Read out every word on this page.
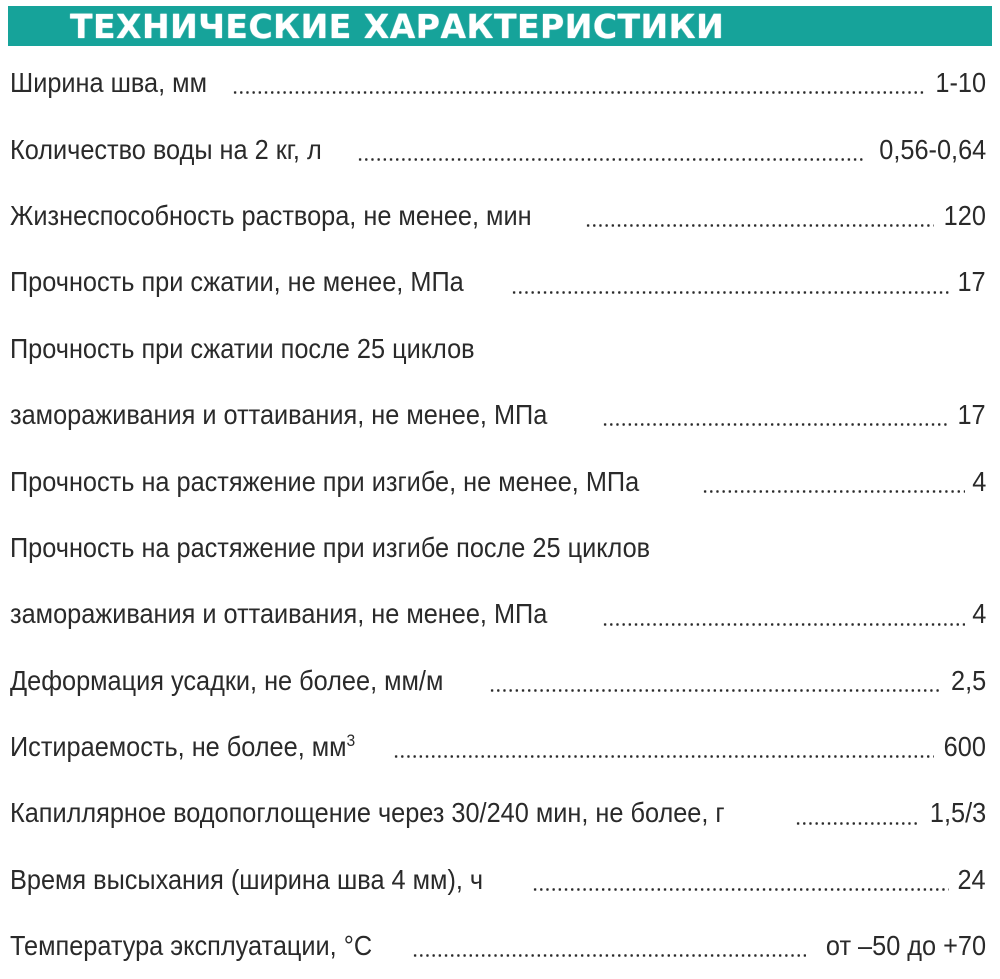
ТЕХНИЧЕСКИЕ ХАРАКТЕРИСТИКИ
Ширина шва, мм	1-10
Количество воды на 2 кг, л	0,56-0,64
Жизнеспособность раствора, не менее, мин	120
Прочность при сжатии, не менее, МПа	17
Прочность при сжатии после 25 циклов
замораживания и оттаивания, не менее, МПа	17
Прочность на растяжение при изгибе, не менее, МПа	4
Прочность на растяжение при изгибе после 25 циклов
замораживания и оттаивания, не менее, МПа	4
Деформация усадки, не более, мм/м	2,5
Истираемость, не более, $мм^3$	600
Капиллярное водопоглощение через 30/240 мин, не более, г	1,5/3
Время высыхания (ширина шва 4 мм), ч	24
Температура эксплуатации, °С	от –50 до +70
